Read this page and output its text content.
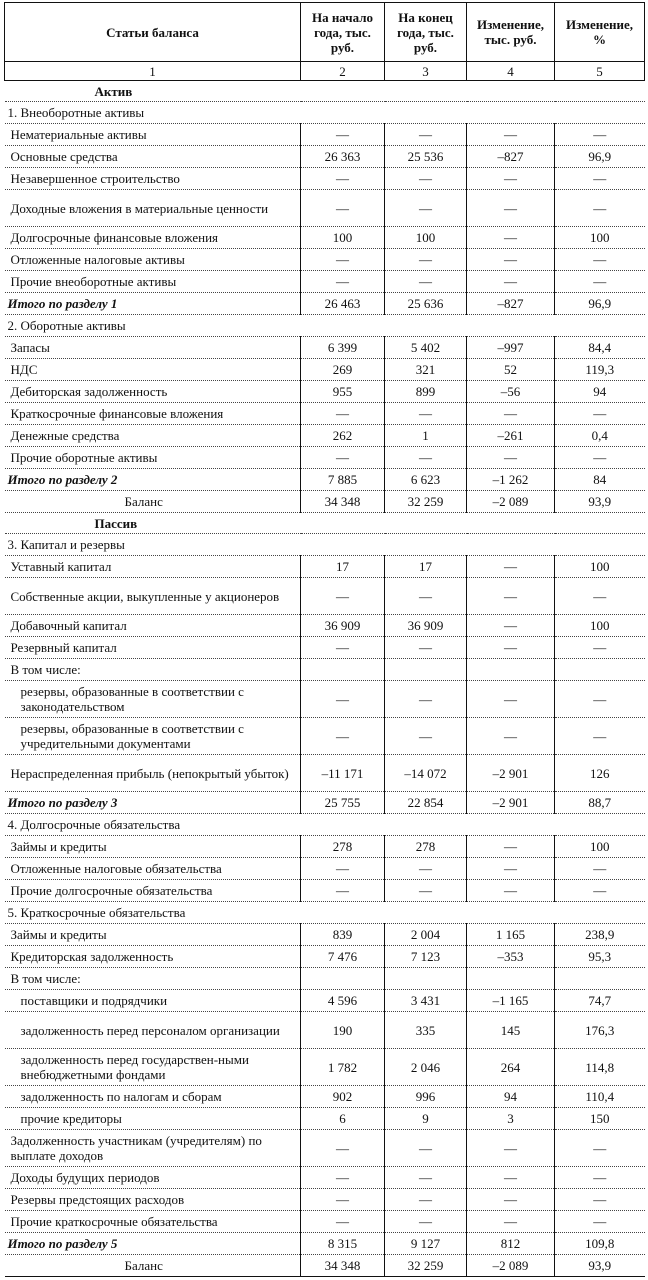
Статьи баланса	На начало года, тыс. руб.	На конец года, тыс. руб.	Изменение, тыс. руб.	Изменение, %
1	2	3	4	5
Актив				
1. Внеоборотные активы				
Нематериальные активы	—	—	—	—
Основные средства	26 363	25 536	–827	96,9
Незавершенное строительство	—	—	—	—
Доходные вложения в материальные ценности	—	—	—	—
Долгосрочные финансовые вложения	100	100	—	100
Отложенные налоговые активы	—	—	—	—
Прочие внеоборотные активы	—	—	—	—
Итого по разделу 1	26 463	25 636	–827	96,9
2. Оборотные активы				
Запасы	6 399	5 402	–997	84,4
НДС	269	321	52	119,3
Дебиторская задолженность	955	899	–56	94
Краткосрочные финансовые вложения	—	—	—	—
Денежные средства	262	1	–261	0,4
Прочие оборотные активы	—	—	—	—
Итого по разделу 2	7 885	6 623	–1 262	84
Баланс	34 348	32 259	–2 089	93,9
Пассив				
3. Капитал и резервы				
Уставный капитал	17	17	—	100
Собственные акции, выкупленные у акционеров	—	—	—	—
Добавочный капитал	36 909	36 909	—	100
Резервный капитал	—	—	—	—
В том числе:				
резервы, образованные в соответствии с законодательством	—	—	—	—
резервы, образованные в соответствии с учредительными документами	—	—	—	—
Нераспределенная прибыль (непокрытый убыток)	–11 171	–14 072	–2 901	126
Итого по разделу 3	25 755	22 854	–2 901	88,7
4. Долгосрочные обязательства				
Займы и кредиты	278	278	—	100
Отложенные налоговые обязательства	—	—	—	—
Прочие долгосрочные обязательства	—	—	—	—
5. Краткосрочные обязательства				
Займы и кредиты	839	2 004	1 165	238,9
Кредиторская задолженность	7 476	7 123	–353	95,3
В том числе:				
поставщики и подрядчики	4 596	3 431	–1 165	74,7
задолженность перед персоналом организации	190	335	145	176,3
задолженность перед государствен-ными внебюджетными фондами	1 782	2 046	264	114,8
задолженность по налогам и сборам	902	996	94	110,4
прочие кредиторы	6	9	3	150
Задолженность участникам (учредителям) по выплате доходов	—	—	—	—
Доходы будущих периодов	—	—	—	—
Резервы предстоящих расходов	—	—	—	—
Прочие краткосрочные обязательства	—	—	—	—
Итого по разделу 5	8 315	9 127	812	109,8
Баланс	34 348	32 259	–2 089	93,9
